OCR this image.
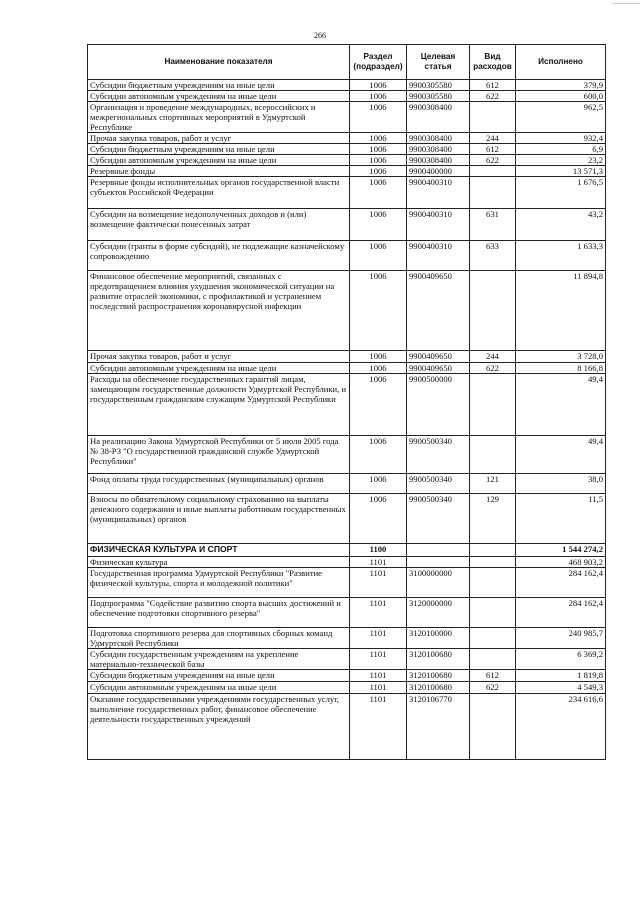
266
Наименование показателя	Раздел (подраздел)	Целевая статья	Вид расходов	Исполнено
Субсидии бюджетным учреждениям на иные цели	1006	9900305580	612	379,9
Субсидии автономным учреждениям на иные цели	1006	9900305580	622	600,0
Организация и проведение международных, всероссийских и межрегиональных спортивных мероприятий в Удмуртской Республике	1006	9900308400		962,5
Прочая закупка товаров, работ и услуг	1006	9900308400	244	932,4
Субсидии бюджетным учреждениям на иные цели	1006	9900308400	612	6,9
Субсидии автономным учреждениям на иные цели	1006	9900308400	622	23,2
Резервные фонды	1006	9900400000		13 571,3
Резервные фонды исполнительных органов государственной власти субъектов Российской Федерации	1006	9900400310		1 676,5
Субсидии на возмещение недополученных доходов и (или) возмещение фактически понесенных затрат	1006	9900400310	631	43,2
Субсидии (гранты в форме субсидий), не подлежащие казначейскому сопровождению	1006	9900400310	633	1 633,3
Финансовое обеспечение мероприятий, связанных с предотвращением влияния ухудшения экономической ситуации на развитие отраслей экономики, с профилактикой и устранением последствий распространения коронавирусной инфекции	1006	9900409650		11 894,8
Прочая закупка товаров, работ и услуг	1006	9900409650	244	3 728,0
Субсидии автономным учреждениям на иные цели	1006	9900409650	622	8 166,8
Расходы на обеспечение государственных гарантий лицам, замещающим государственные должности Удмуртской Республики, и государственным гражданским служащим Удмуртской Республики	1006	9900500000		49,4
На реализацию Закона Удмуртской Республики от 5 июля 2005 года № 38-РЗ "О государственной гражданской службе Удмуртской Республики"	1006	9900500340		49,4
Фонд оплаты труда государственных (муниципальных) органов	1006	9900500340	121	38,0
Взносы по обязательному социальному страхованию на выплаты денежного содержания и иные выплаты работникам государственных (муниципальных) органов	1006	9900500340	129	11,5
ФИЗИЧЕСКАЯ КУЛЬТУРА И СПОРТ	1100			1 544 274,2
Физическая культура	1101			468 903,2
Государственная программа Удмуртской Республики "Развитие физической культуры, спорта и молодежной политики"	1101	3100000000		284 162,4
Подпрограмма "Содействие развитию спорта высших достижений и обеспечение подготовки спортивного резерва"	1101	3120000000		284 162,4
Подготовка спортивного резерва для спортивных сборных команд Удмуртской Республики	1101	3120100000		240 985,7
Субсидии государственным учреждениям на укрепление материально-технической базы	1101	3120100680		6 369,2
Субсидии бюджетным учреждениям на иные цели	1101	3120100680	612	1 819,8
Субсидии автономным учреждениям на иные цели	1101	3120100680	622	4 549,3
Оказание государственными учреждениями государственных услуг, выполнение государственных работ, финансовое обеспечение деятельности государственных учреждений	1101	3120106770		234 616,6
